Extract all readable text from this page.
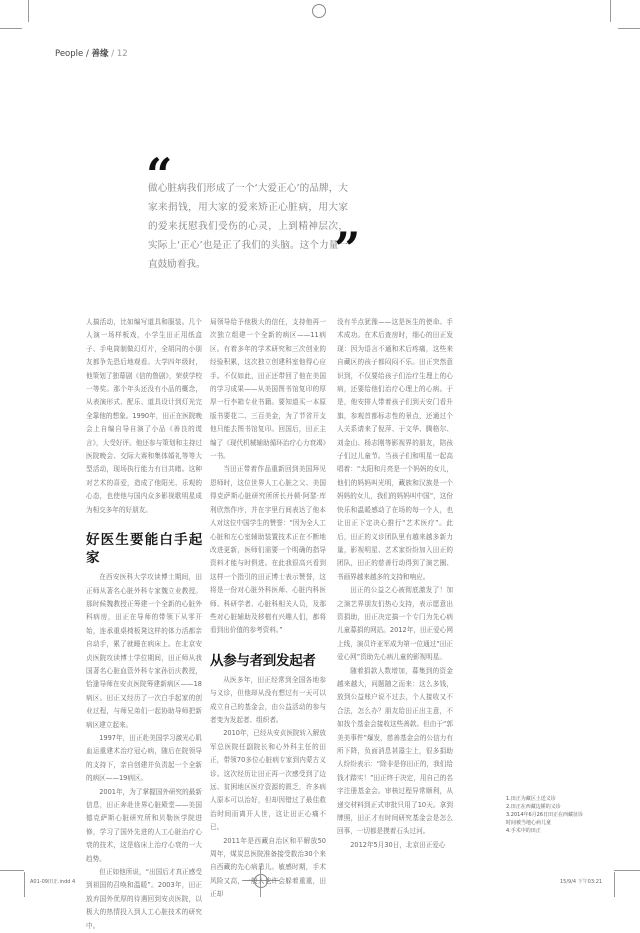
People / 善缘 / 12
“
做心脏病我们形成了一个‘大爱正心’的品牌，大家来捐钱，用大家的爱来矫正心脏病，用大家的爱来抚慰我们受伤的心灵，上到精神层次，实际上‘正心’也是正了我们的头脑。这个力量一直鼓励着我。	”

人搞活动，比如编写道具和服装。几个人演一场样板戏，小学生田正用纸盒子、手电筒制做幻灯片，全胡同的小朋友都争先恐后地观看。大学四年级时，他策划了独幕剧《信的鲁剧》，荣获学校一等奖。那个年头还没有小品的概念，从表演形式、配乐、道具设计到灯光完全靠他的想象。1990年，田正在医院晚会上自编自导自演了小品《善良的谎言》，大受好评。他还参与策划和主持过医院晚会、交际大赛和集体婚礼等等大型活动，现场执行能力有目共睹。这种对艺术的喜爱，造成了他阳光、乐观的心态，也使他与国内众多影视歌明星成为相交多年的好朋友。

好医生要能白手起家

在西安医科大学攻读博士期间，田正师从著名心脏外科专家魏立业教授。那时候魏教授正筹建一个全新的心脏外科病房，田正在导师的带领下从零开始，连承重桌椅板凳这样的体力活都亲自动手，累了就睡在病床上。在北京安贞医院攻读博士学位期间，田正师从我国著名心脏血管外科专家孙衍庆教授，恰逢导师在安贞医院筹建新病区——18病区。田正又经历了一次白手起家的创业过程，与师兄弟们一起协助导师把新病区建立起来。

1997年，田正赴美国学习激光心肌血运重建术治疗冠心病，随后在院领导的支持下，亲自创建并负责起一个全新的病区——19病区。

2001年，为了掌握国外研究的最新信息，田正奔赴世界心脏殿堂——美国德克萨斯心脏研究所和贝勒医学院进修，学习了国外先进的人工心脏治疗心衰的技术，这是临床上治疗心衰的一大趋势。

但正如他所说，“出国后才真正感受到祖国的召唤和温暖”。2003年，田正放弃国外优厚的待遇回到安贞医院，以极大的热情投入到人工心脏技术的研究中。

局领导给予他极大的信任，支持他再一次独立组建一个全新的病区——11病区。有着多年的学术研究和三次创业的经验积累，这次独立创建科室他得心应手。不仅如此，田正还带回了他在美国的学习成果——从美国图书馆复印的厚厚一行李箱专业书籍。要知道买一本原版书要花二、三百美金，为了节省开支他只能去图书馆复印。回国后，田正主编了《现代机械辅助循环治疗心力衰竭》一书。

当田正带着作品重新回到美国拜见恩师时，这位世界人工心脏之父、美国得克萨斯心脏研究所所长丹顿·阿瑟·库利欣然作序，并在字里行间表达了他本人对这位中国学生的赞誉：“因为全人工心脏和左心室辅助装置技术正在不断地改进更新，医师们需要一个明确的指导资料才能与时俱进。在此我很高兴看到这样一个指引的田正博士表示赞誉，这将是一份对心脏外科医师、心脏内科医师、科研学者、心脏科相关人员，及那些对心脏辅助及移植有兴趣人们，都将看到出价值的参考资料。”

从参与者到发起者

从医多年，田正经常到全国各地参与义诊，但他却从没有想过有一天可以成立自己的基金会，由公益活动的参与者变为发起者、组织者。

2010年，已经从安贞医院转入解放军总医院任副院长和心外科主任的田正，带领70多位心脏病专家到内蒙古义诊。这次经历让田正再一次感受到了边远、贫困地区医疗资源的匮乏，许多病人原本可以治好，但却因错过了最佳救治时间而离开人世，这让田正心痛不已。

2011年是西藏自治区和平解放50周年，煤炭总医院准备接受救治30个来自西藏的先心病患儿。敏感时期，手术风险又高，一般人也许会躲着重重，田正却

没有半点犹豫——这是医生的使命。手术成功。在术后查房时，细心的田正发现：因为语言不通和术后疼痛，这些来自藏区的孩子都闷闷不乐。田正突然意识到，不仅要给孩子们治疗生理上的心病，还要给他们治疗心理上的心病。于是，他安排人带着孩子们到天安门看升旗，参观首都标志性的景点，还通过个人关系请来了倪萍、于文华、腾格尔、刘金山、杨志刚等影视界的朋友，陪孩子们过儿童节。当孩子们和明星一起高唱着：“太阳和月亮是一个妈妈的女儿，他们的妈妈叫光明，藏族和汉族是一个妈妈的女儿，我们的妈妈叫中国”，这份快乐和温暖感动了在场的每一个人，也让田正下定决心推行“艺术医疗”。此后，田正的义诊团队里有越来越多新力量，影视明星、艺术家纷纷加入田正的团队，田正的慈善行动得到了演艺圈、书画界越来越多的支持和响应。

田正的公益之心被彻底激发了！加之演艺界朋友们热心支持，表示愿意出资捐助，田正决定搞一个专门为先心病儿童募捐的网站。2012年，田正爱心网上线，演员许亚军成为第一位通过“田正爱心网”资助先心病儿童的影视明星。

随着捐款人数增加，募集到的资金越来越大，问题随之而来：这么多钱，放到公益账户说不过去，个人接收又不合法，怎么办？朋友给田正出主意，不如找个基金会接收这些善款。但由于“郭美美事件”爆发，慈善基金会的公信力有所下降，负面消息甚嚣尘上，很多捐助人纷纷表示：“除非是你田正的，我们给钱才踏实！”田正终于决定，用自己的名字注册基金会。审核过程异常顺利，从递交材料到正式审批只用了10天。拿到牌照，田正才有时间研究基金会是怎么回事，一切都是摸着石头过河。

2012年5月30日，北京田正爱心

1.田正为藏区土送义诊
2.田正在西藏边陲的义诊
3.2014年6月26日田正在西藏征诊
时间被当地心病儿童
4.手术中的田正
A01-09田正.indd 4	15/9/4 下午03:21
